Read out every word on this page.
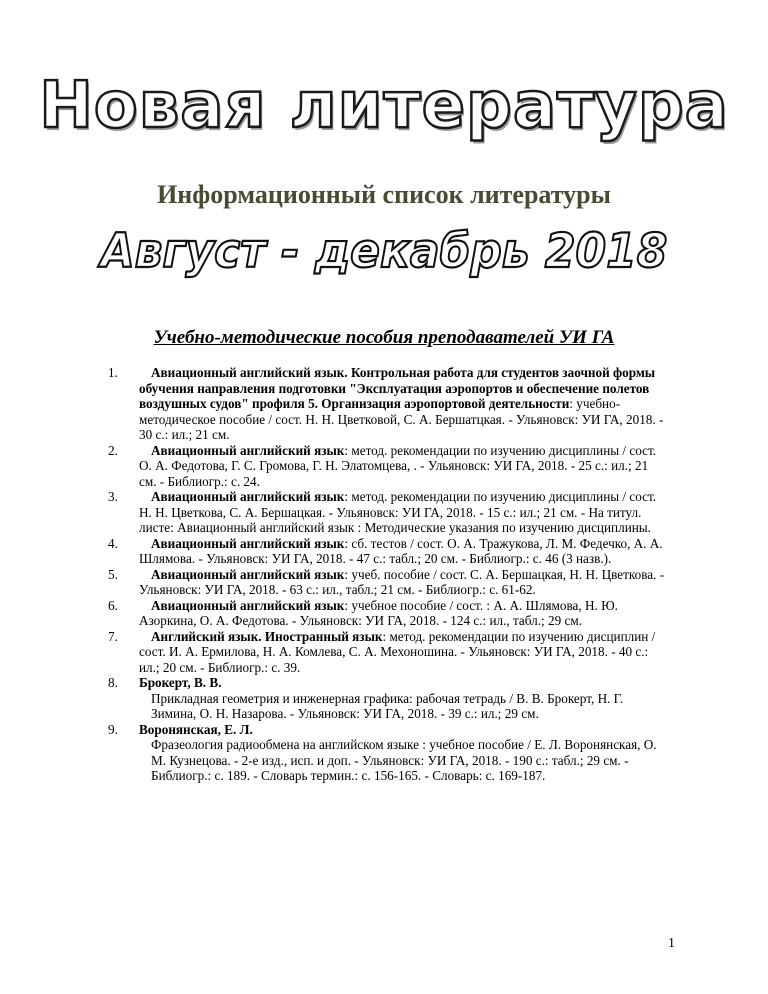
Новая литература
Информационный список литературы
Август - декабрь 2018
Учебно-методические пособия преподавателей УИ ГА
1.	Авиационный английский язык. Контрольная работа для студентов заочной формы обучения направления подготовки "Эксплуатация аэропортов и обеспечение полетов воздушных судов" профиля 5. Организация аэропортовой деятельности: учебно-методическое пособие / сост. Н. Н. Цветковой, С. А. Бершатцкая. - Ульяновск: УИ ГА, 2018. - 30 с.: ил.; 21 см.
2.	Авиационный английский язык: метод. рекомендации по изучению дисциплины / сост. О. А. Федотова, Г. С. Громова, Г. Н. Элатомцева, . - Ульяновск: УИ ГА, 2018. - 25 с.: ил.; 21 см. - Библиогр.: с. 24.
3.	Авиационный английский язык: метод. рекомендации по изучению дисциплины / сост. Н. Н. Цветкова, С. А. Бершацкая. - Ульяновск: УИ ГА, 2018. - 15 с.: ил.; 21 см. - На титул. листе: Авиационный английский язык : Методические указания по изучению дисциплины.
4.	Авиационный английский язык: сб. тестов / сост. О. А. Тражукова, Л. М. Федечко, А. А. Шлямова. - Ульяновск: УИ ГА, 2018. - 47 с.: табл.; 20 см. - Библиогр.: с. 46 (3 назв.).
5.	Авиационный английский язык: учеб. пособие / сост. С. А. Бершацкая, Н. Н. Цветкова. - Ульяновск: УИ ГА, 2018. - 63 с.: ил., табл.; 21 см. - Библиогр.: с. 61-62.
6.	Авиационный английский язык: учебное пособие / сост. : А. А. Шлямова, Н. Ю. Азоркина, О. А. Федотова. - Ульяновск: УИ ГА, 2018. - 124 с.: ил., табл.; 29 см.
7.	Английский язык. Иностранный язык: метод. рекомендации по изучению дисциплин / сост. И. А. Ермилова, Н. А. Комлева, С. А. Мехоношина. - Ульяновск: УИ ГА, 2018. - 40 с.: ил.; 20 см. - Библиогр.: с. 39.
8. Брокерт, В. В.
Прикладная геометрия и инженерная графика: рабочая тетрадь / В. В. Брокерт, Н. Г. Зимина, О. Н. Назарова. - Ульяновск: УИ ГА, 2018. - 39 с.: ил.; 29 см.
9. Воронянская, Е. Л.
Фразеология радиообмена на английском языке : учебное пособие / Е. Л. Воронянская, О. М. Кузнецова. - 2-е изд., исп. и доп. - Ульяновск: УИ ГА, 2018. - 190 с.: табл.; 29 см. - Библиогр.: с. 189. - Словарь термин.: с. 156-165. - Словарь: с. 169-187.
1
